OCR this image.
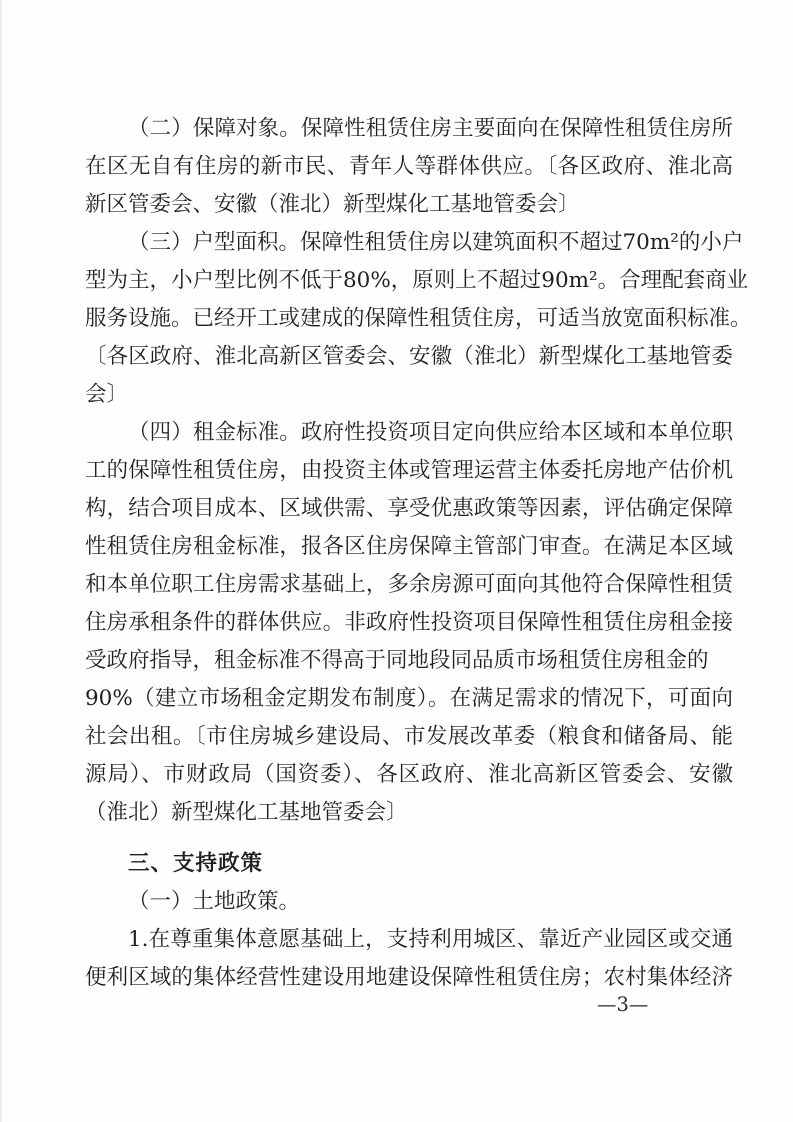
（二）保障对象。保障性租赁住房主要面向在保障性租赁住房所
在区无自有住房的新市民、青年人等群体供应。〔各区政府、淮北高
新区管委会、安徽（淮北）新型煤化工基地管委会〕
（三）户型面积。保障性租赁住房以建筑面积不超过70m²的小户
型为主，小户型比例不低于80%，原则上不超过90m²。合理配套商业
服务设施。已经开工或建成的保障性租赁住房，可适当放宽面积标准。
〔各区政府、淮北高新区管委会、安徽（淮北）新型煤化工基地管委
会〕
（四）租金标准。政府性投资项目定向供应给本区域和本单位职
工的保障性租赁住房，由投资主体或管理运营主体委托房地产估价机
构，结合项目成本、区域供需、享受优惠政策等因素，评估确定保障
性租赁住房租金标准，报各区住房保障主管部门审查。在满足本区域
和本单位职工住房需求基础上，多余房源可面向其他符合保障性租赁
住房承租条件的群体供应。非政府性投资项目保障性租赁住房租金接
受政府指导，租金标准不得高于同地段同品质市场租赁住房租金的
90%（建立市场租金定期发布制度）。在满足需求的情况下，可面向
社会出租。〔市住房城乡建设局、市发展改革委（粮食和储备局、能
源局）、市财政局（国资委）、各区政府、淮北高新区管委会、安徽
（淮北）新型煤化工基地管委会〕
三、支持政策
（一）土地政策。
1.在尊重集体意愿基础上，支持利用城区、靠近产业园区或交通
便利区域的集体经营性建设用地建设保障性租赁住房；农村集体经济
—3—
